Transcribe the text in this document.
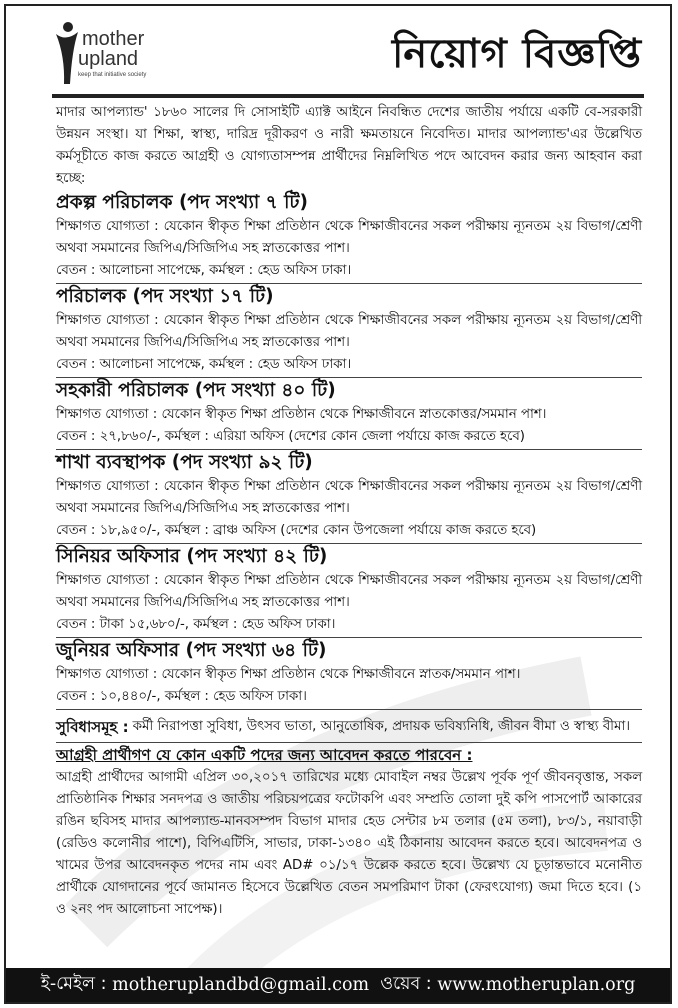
mother
upland
keep that initiative society	নিয়োগ বিজ্ঞপ্তি

মাদার আপল্যান্ড' ১৮৬০ সালের দি সোসাইটি এ্যাক্ট আইনে নিবন্ধিত দেশের জাতীয় পর্যায়ে একটি বে-সরকারী উন্নয়ন সংস্থা। যা শিক্ষা, স্বাস্থ্য, দারিদ্র দূরীকরণ ও নারী ক্ষমতায়নে নিবেদিত। মাদার আপল্যান্ড'এর উল্লেখিত কর্মসূচীতে কাজ করতে আগ্রহী ও যোগ্যতাসম্পন্ন প্রার্থীদের নিম্নলিখিত পদে আবেদন করার জন্য আহবান করা হচ্ছে:

প্রকল্প পরিচালক (পদ সংখ্যা ৭ টি)

শিক্ষাগত যোগ্যতা : যেকোন স্বীকৃত শিক্ষা প্রতিষ্ঠান থেকে শিক্ষাজীবনের সকল পরীক্ষায় ন্যূনতম ২য় বিভাগ/শ্রেণী অথবা সমমানের জিপিএ/সিজিপিএ সহ স্নাতকোত্তর পাশ।

বেতন : আলোচনা সাপেক্ষে, কর্মস্থল : হেড অফিস ঢাকা।

পরিচালক (পদ সংখ্যা ১৭ টি)

শিক্ষাগত যোগ্যতা : যেকোন স্বীকৃত শিক্ষা প্রতিষ্ঠান থেকে শিক্ষাজীবনের সকল পরীক্ষায় ন্যূনতম ২য় বিভাগ/শ্রেণী অথবা সমমানের জিপিএ/সিজিপিএ সহ স্নাতকোত্তর পাশ।

বেতন : আলোচনা সাপেক্ষে, কর্মস্থল : হেড অফিস ঢাকা।

সহকারী পরিচালক (পদ সংখ্যা ৪০ টি)

শিক্ষাগত যোগ্যতা : যেকোন স্বীকৃত শিক্ষা প্রতিষ্ঠান থেকে শিক্ষাজীবনে স্নাতকোত্তর/সমমান পাশ।

বেতন : ২৭,৮৬০/-, কর্মস্থল : এরিয়া অফিস (দেশের কোন জেলা পর্যায়ে কাজ করতে হবে)

শাখা ব্যবস্থাপক (পদ সংখ্যা ৯২ টি)

শিক্ষাগত যোগ্যতা : যেকোন স্বীকৃত শিক্ষা প্রতিষ্ঠান থেকে শিক্ষাজীবনের সকল পরীক্ষায় ন্যূনতম ২য় বিভাগ/শ্রেণী অথবা সমমানের জিপিএ/সিজিপিএ সহ স্নাতকোত্তর পাশ।

বেতন : ১৮,৯৫০/-, কর্মস্থল : ব্রাঞ্চ অফিস (দেশের কোন উপজেলা পর্যায়ে কাজ করতে হবে)

সিনিয়র অফিসার (পদ সংখ্যা ৪২ টি)

শিক্ষাগত যোগ্যতা : যেকোন স্বীকৃত শিক্ষা প্রতিষ্ঠান থেকে শিক্ষাজীবনের সকল পরীক্ষায় ন্যূনতম ২য় বিভাগ/শ্রেণী অথবা সমমানের জিপিএ/সিজিপিএ সহ স্নাতকোত্তর পাশ।

বেতন : টাকা ১৫,৬৮০/-, কর্মস্থল : হেড অফিস ঢাকা।

জুনিয়র অফিসার (পদ সংখ্যা ৬৪ টি)

শিক্ষাগত যোগ্যতা : যেকোন স্বীকৃত শিক্ষা প্রতিষ্ঠান থেকে শিক্ষাজীবনে স্নাতক/সমমান পাশ।

বেতন : ১০,৪৪০/-, কর্মস্থল : হেড অফিস ঢাকা।

সুবিধাসমূহ : কর্মী নিরাপত্তা সুবিধা, উৎসব ভাতা, আনুতোষিক, প্রদায়ক ভবিষ্যনিধি, জীবন বীমা ও স্বাস্থ্য বীমা।

আগ্রহী প্রার্থীগণ যে কোন একটি পদের জন্য আবেদন করতে পারবেন :

আগ্রহী প্রার্থীদের আগামী এপ্রিল ৩০,২০১৭ তারিখের মধ্যে মোবাইল নম্বর উল্লেখ পূর্বক পূর্ণ জীবনবৃত্তান্ত, সকল প্রাতিষ্ঠানিক শিক্ষার সনদপত্র ও জাতীয় পরিচয়পত্রের ফটোকপি এবং সম্প্রতি তোলা দুই কপি পাসপোর্ট আকারের রঙিন ছবিসহ মাদার আপল্যান্ড-মানবসম্পদ বিভাগ মাদার হেড সেন্টার ৮ম তলার (৫ম তলা), ৮৩/১, নয়াবাড়ী (রেডিও কলোনীর পাশে), বিপিএটিসি, সাভার, ঢাকা-১৩৪০ এই ঠিকানায় আবেদন করতে হবে। আবেদনপত্র ও খামের উপর আবেদনকৃত পদের নাম এবং AD# ০১/১৭ উল্লেক করতে হবে। উল্লেখ্য যে চূড়ান্তভাবে মনোনীত প্রার্থীকে যোগদানের পূর্বে জামানত হিসেবে উল্লেখিত বেতন সমপরিমাণ টাকা (ফেরৎযোগ্য) জমা দিতে হবে। (১ ও ২নং পদ আলোচনা সাপেক্ষ)।

ই-মেইল :
motheruplandbd@gmail.com
ওয়েব :
www.motheruplan.org
